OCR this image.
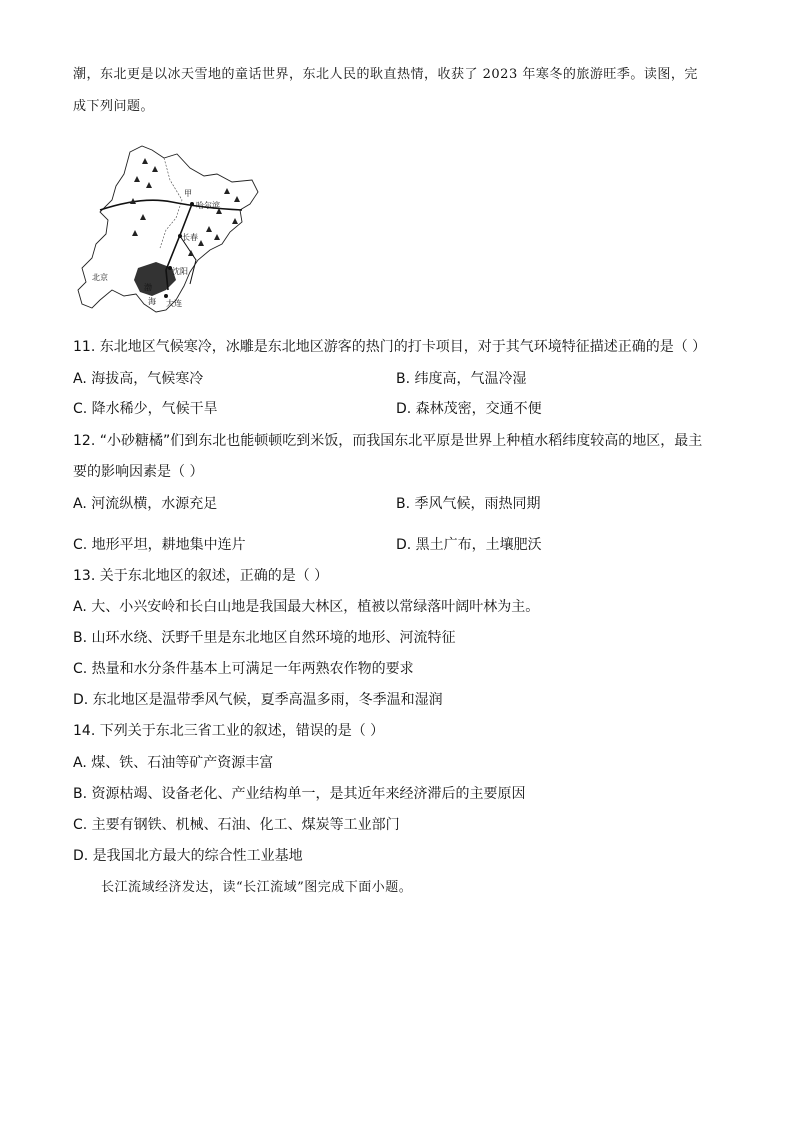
潮，东北更是以冰天雪地的童话世界，东北人民的耿直热情，收获了 2023 年寒冬的旅游旺季。读图，完
成下列问题。
甲
哈尔滨
长春
沈阳
大连
北京
渤
海
11. 东北地区气候寒冷，冰雕是东北地区游客的热门的打卡项目，对于其气环境特征描述正确的是（ ）
A. 海拔高，气候寒冷	B. 纬度高，气温冷湿
C. 降水稀少，气候干旱	D. 森林茂密，交通不便
12. “小砂糖橘”们到东北也能顿顿吃到米饭，而我国东北平原是世界上种植水稻纬度较高的地区，最主
要的影响因素是（ ）
A. 河流纵横，水源充足	B. 季风气候，雨热同期
C. 地形平坦，耕地集中连片	D. 黑土广布，土壤肥沃
13. 关于东北地区的叙述，正确的是（ ）
A. 大、小兴安岭和长白山地是我国最大林区，植被以常绿落叶阔叶林为主。
B. 山环水绕、沃野千里是东北地区自然环境的地形、河流特征
C. 热量和水分条件基本上可满足一年两熟农作物的要求
D. 东北地区是温带季风气候，夏季高温多雨，冬季温和湿润
14. 下列关于东北三省工业的叙述，错误的是（ ）
A. 煤、铁、石油等矿产资源丰富
B. 资源枯竭、设备老化、产业结构单一，是其近年来经济滞后的主要原因
C. 主要有钢铁、机械、石油、化工、煤炭等工业部门
D. 是我国北方最大的综合性工业基地
长江流域经济发达，读“长江流域”图完成下面小题。
